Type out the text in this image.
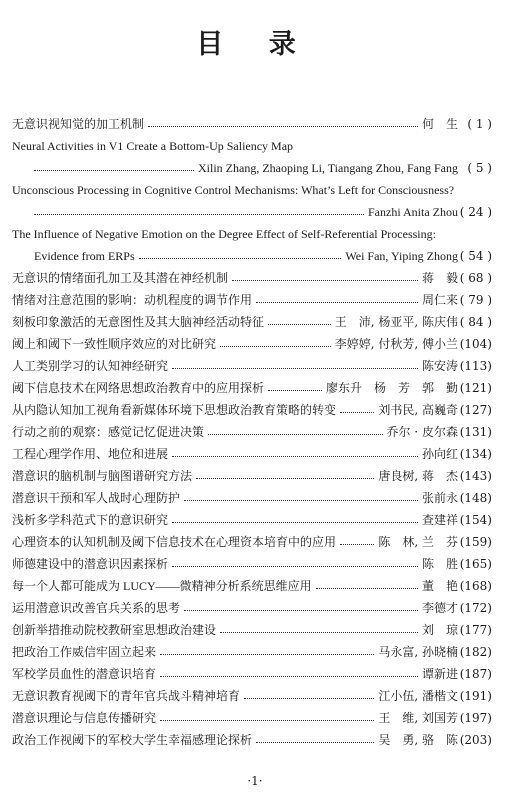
目 录
无意识视知觉的加工机制	何　生 ( 1 )
Neural Activities in V1 Create a Bottom-Up Saliency Map
Xilin Zhang, Zhaoping Li, Tiangang Zhou, Fang Fang ( 5 )
Unconscious Processing in Cognitive Control Mechanisms: What’s Left for Consciousness?
Fanzhi Anita Zhou ( 24 )
The Influence of Negative Emotion on the Degree Effect of Self-Referential Processing:
Evidence from ERPs	Wei Fan, Yiping Zhong ( 54 )
无意识的情绪面孔加工及其潜在神经机制	蒋　毅 ( 68 )
情绪对注意范围的影响：动机程度的调节作用	周仁来 ( 79 )
刻板印象激活的无意图性及其大脑神经活动特征	王　沛, 杨亚平, 陈庆伟 ( 84 )
阈上和阈下一致性顺序效应的对比研究	李婷婷, 付秋芳, 傅小兰 (104)
人工类别学习的认知神经研究	陈安涛 (113)
阈下信息技术在网络思想政治教育中的应用探析	廖东升　杨　芳　郭　勤 (121)
从内隐认知加工视角看新媒体环境下思想政治教育策略的转变	刘书民, 高巍奇 (127)
行动之前的观察：感觉记忆促进决策	乔尔 · 皮尔森 (131)
工程心理学作用、地位和进展	孙向红 (134)
潜意识的脑机制与脑图谱研究方法	唐良树, 蒋　杰 (143)
潜意识干预和军人战时心理防护	张前永 (148)
浅析多学科范式下的意识研究	查建祥 (154)
心理资本的认知机制及阈下信息技术在心理资本培育中的应用	陈　林, 兰　芬 (159)
师德建设中的潜意识因素探析	陈　胜 (165)
每一个人都可能成为 LUCY——微精神分析系统思维应用	董　艳 (168)
运用潜意识改善官兵关系的思考	李德才 (172)
创新举措推动院校教研室思想政治建设	刘　琼 (177)
把政治工作威信牢固立起来	马永富, 孙晓楠 (182)
军校学员血性的潜意识培育	谭新进 (187)
无意识教育视阈下的青年官兵战斗精神培育	江小伍, 潘楷文 (191)
潜意识理论与信息传播研究	王　维, 刘国芳 (197)
政治工作视阈下的军校大学生幸福感理论探析	吴　勇, 骆　陈 (203)
·1·
